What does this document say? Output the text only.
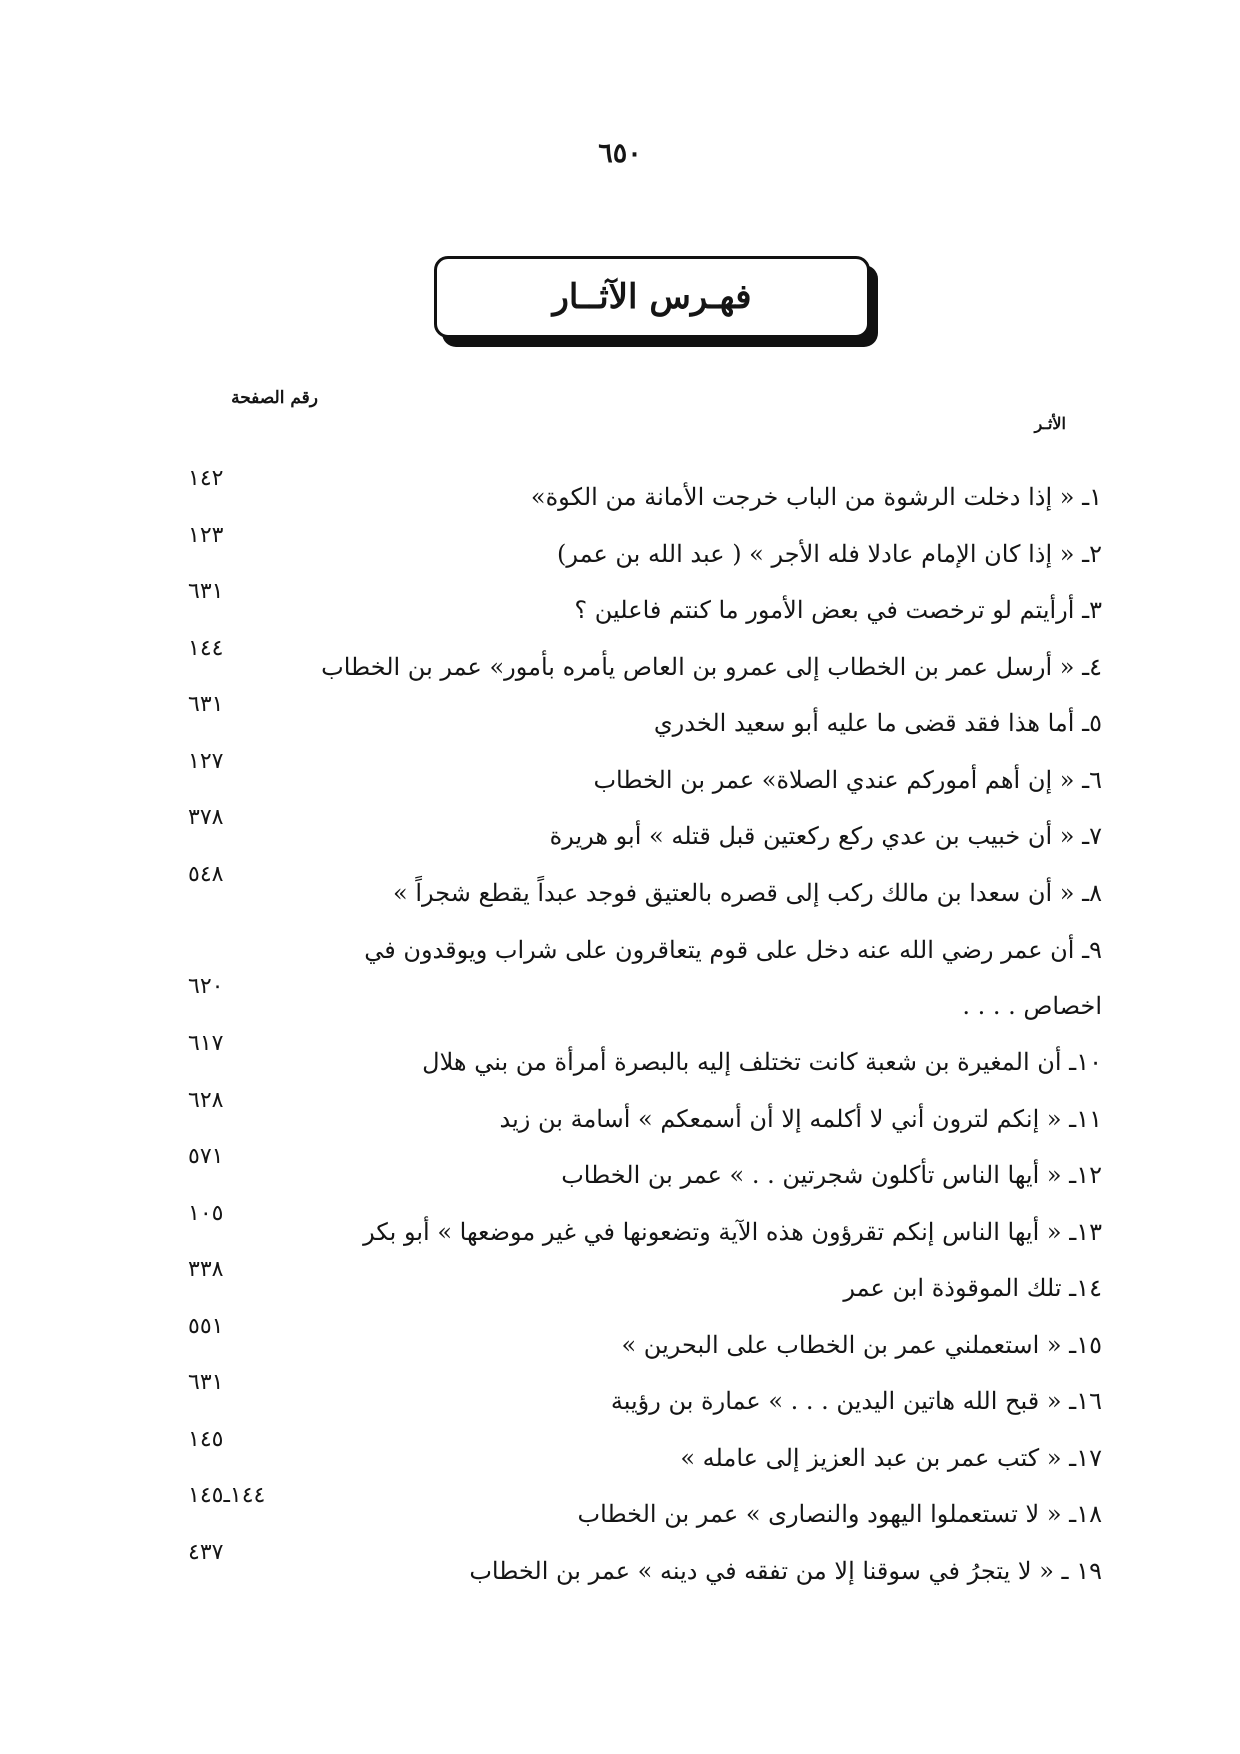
٦٥٠
فهـرس الآثــار
رقم الصفحة
الأثـر
١ـ « إذا دخلت الرشوة من الباب خرجت الأمانة من الكوة»
١٤٢
٢ـ « إذا كان الإمام عادلا فله الأجر » ( عبد الله بن عمر)
١٢٣
٣ـ أرأيتم لو ترخصت في بعض الأمور ما كنتم فاعلين ؟
٦٣١
٤ـ « أرسل عمر بن الخطاب إلى عمرو بن العاص يأمره بأمور» عمر بن الخطاب
١٤٤
٥ـ أما هذا فقد قضى ما عليه أبو سعيد الخدري
٦٣١
٦ـ « إن أهم أموركم عندي الصلاة» عمر بن الخطاب
١٢٧
٧ـ « أن خبيب بن عدي ركع ركعتين قبل قتله » أبو هريرة
٣٧٨
٨ـ « أن سعدا بن مالك ركب إلى قصره بالعتيق فوجد عبداً يقطع شجراً »
٥٤٨
٩ـ أن عمر رضي الله عنه دخل على قوم يتعاقرون على شراب ويوقدون في اخصاص . . . .
٦٢٠
١٠ـ أن المغيرة بن شعبة كانت تختلف إليه بالبصرة أمرأة من بني هلال
٦١٧
١١ـ « إنكم لترون أني لا أكلمه إلا أن أسمعكم » أسامة بن زيد
٦٢٨
١٢ـ « أيها الناس تأكلون شجرتين . . » عمر بن الخطاب
٥٧١
١٣ـ « أيها الناس إنكم تقرؤون هذه الآية وتضعونها في غير موضعها » أبو بكر
١٠٥
١٤ـ تلك الموقوذة ابن عمر
٣٣٨
١٥ـ « استعملني عمر بن الخطاب على البحرين »
٥٥١
١٦ـ « قبح الله هاتين اليدين . . . » عمارة بن رؤيبة
٦٣١
١٧ـ « كتب عمر بن عبد العزيز إلى عامله »
١٤٥
١٨ـ « لا تستعملوا اليهود والنصارى » عمر بن الخطاب
١٤٤ـ١٤٥
١٩ ـ « لا يتجرُ في سوقنا إلا من تفقه في دينه » عمر بن الخطاب
٤٣٧
